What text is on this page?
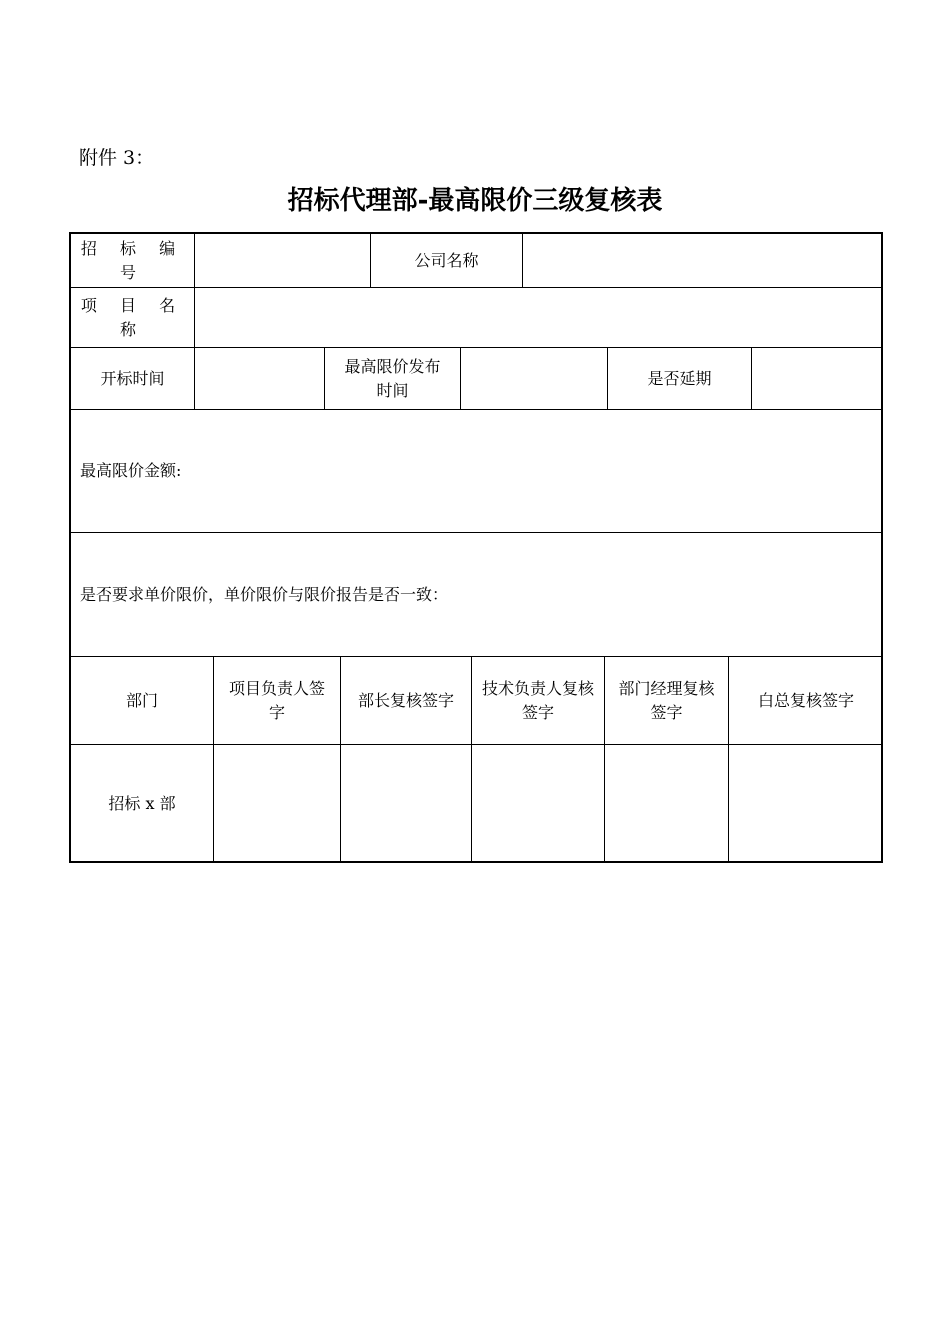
附件 3：
招标代理部-最高限价三级复核表
招 标 编 号
公司名称
项 目 名 称
开标时间
最高限价发布时间
是否延期
最高限价金额:
是否要求单价限价，单价限价与限价报告是否一致：
部门
项目负责人签字
部长复核签字
技术负责人复核签字
部门经理复核签字
白总复核签字
招标 x 部
